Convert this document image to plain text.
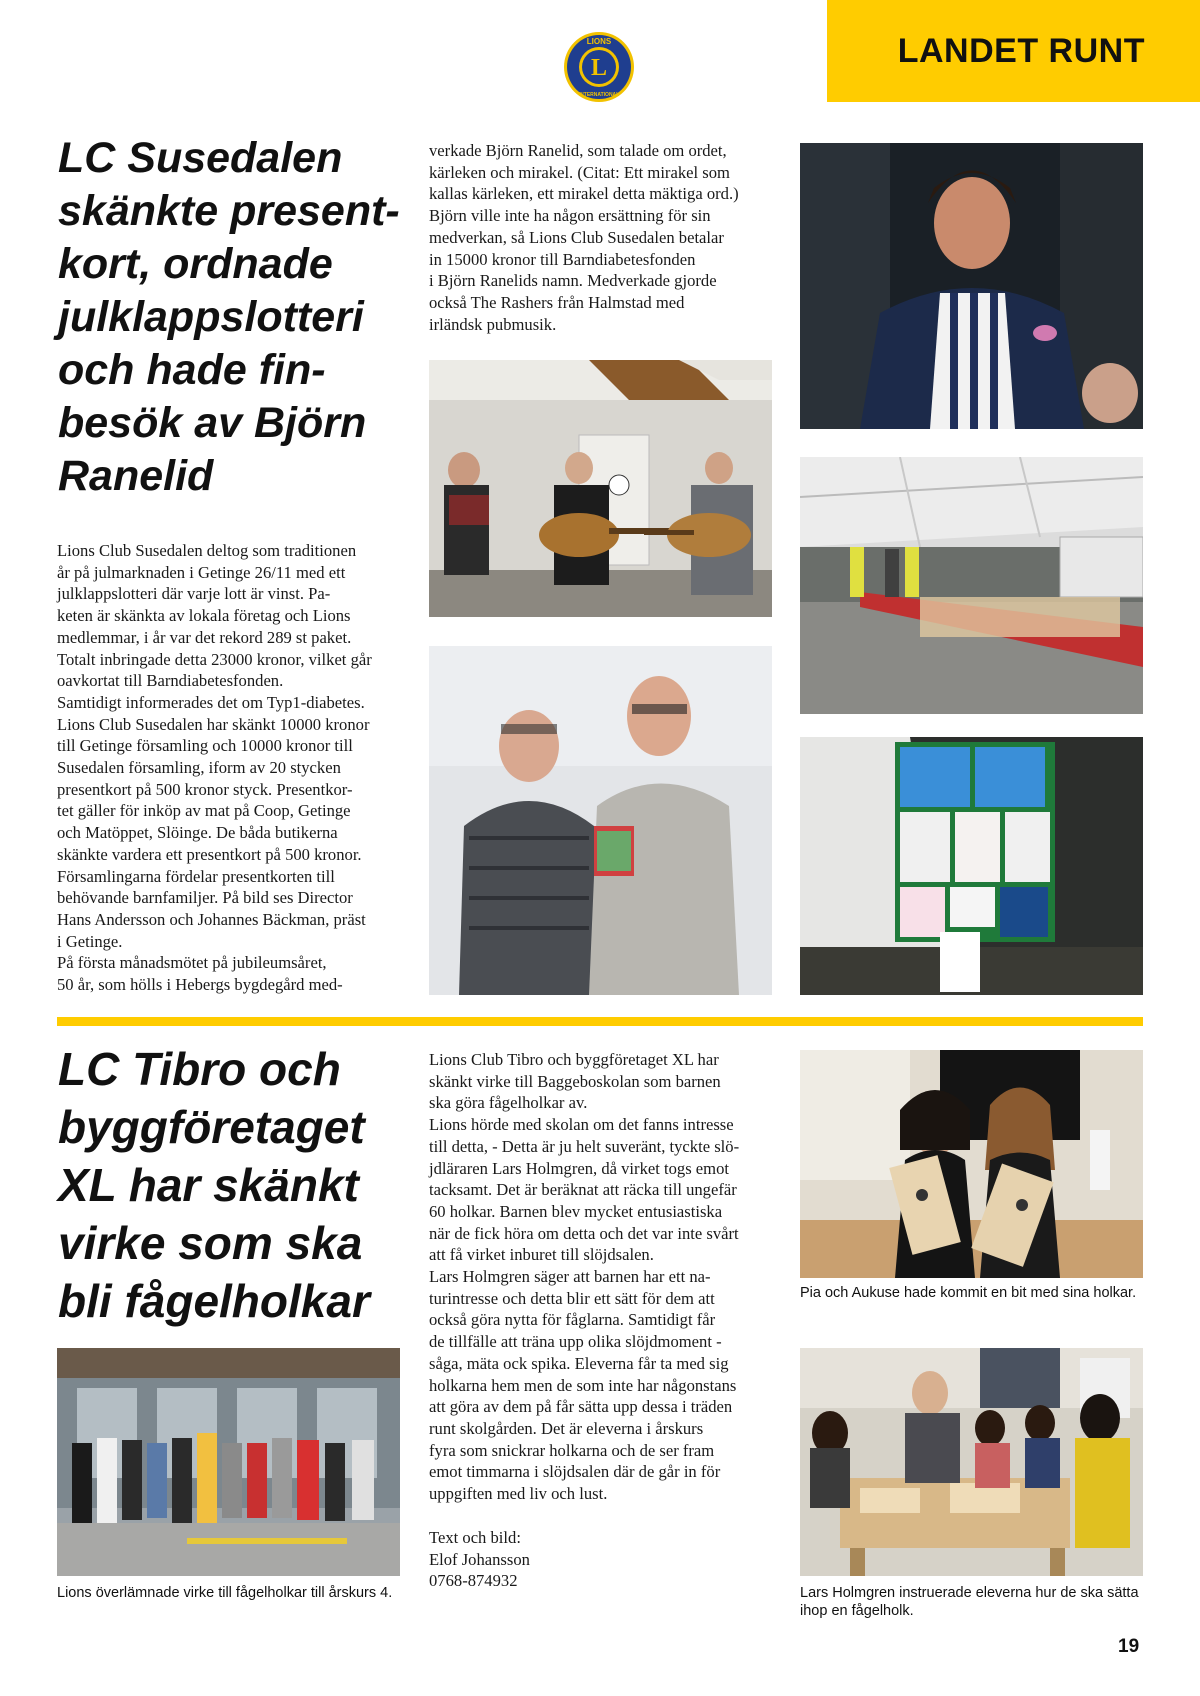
LANDET RUNT
LIONS
INTERNATIONAL
L
LC Susedalen skänkte present-kort, ordnade julklappslotteri och hade fin-besök av Björn Ranelid

Lions Club Susedalen deltog som traditionen
år på julmarknaden i Getinge 26/11 med ett
julklappslotteri där varje lott är vinst. Pa-
keten är skänkta av lokala företag och Lions
medlemmar, i år var det rekord 289 st paket.
Totalt inbringade detta 23000 kronor, vilket går
oavkortat till Barndiabetesfonden.
Samtidigt informerades det om Typ1-diabetes.
Lions Club Susedalen har skänkt 10000 kronor
till Getinge församling och 10000 kronor till
Susedalen församling, iform av 20 stycken
presentkort på 500 kronor styck. Presentkor-
tet gäller för inköp av mat på Coop, Getinge
och Matöppet, Slöinge. De båda butikerna
skänkte vardera ett presentkort på 500 kronor.
Församlingarna fördelar presentkorten till
behövande barnfamiljer. På bild ses Director
Hans Andersson och Johannes Bäckman, präst
i Getinge.
På första månadsmötet på jubileumsåret,
50 år, som hölls i Hebergs bygdegård med-

verkade Björn Ranelid, som talade om ordet,
kärleken och mirakel. (Citat: Ett mirakel som
kallas kärleken, ett mirakel detta mäktiga ord.)
Björn ville inte ha någon ersättning för sin
medverkan, så Lions Club Susedalen betalar
in 15000 kronor till Barndiabetesfonden
i Björn Ranelids namn. Medverkade gjorde
också The Rashers från Halmstad med
irländsk pubmusik.

LC Tibro och byggföretaget XL har skänkt virke som ska bli fågelholkar

Lions Club Tibro och byggföretaget XL har
skänkt virke till Baggeboskolan som barnen
ska göra fågelholkar av.
Lions hörde med skolan om det fanns intresse
till detta, - Detta är ju helt suveränt, tyckte slö-
jdläraren Lars Holmgren, då virket togs emot
tacksamt. Det är beräknat att räcka till ungefär
60 holkar. Barnen blev mycket entusiastiska
när de fick höra om detta och det var inte svårt
att få virket inburet till slöjdsalen.
Lars Holmgren säger att barnen har ett na-
turintresse och detta blir ett sätt för dem att
också göra nytta för fåglarna. Samtidigt får
de tillfälle att träna upp olika slöjdmoment -
såga, mäta ock spika. Eleverna får ta med sig
holkarna hem men de som inte har någonstans
att göra av dem på får sätta upp dessa i träden
runt skolgården. Det är eleverna i årskurs
fyra som snickrar holkarna och de ser fram
emot timmarna i slöjdsalen där de går in för
uppgiften med liv och lust.

Text och bild:
Elof Johansson
0768-874932

Lions överlämnade virke till fågelholkar till årskurs 4.

Pia och Aukuse hade kommit en bit med sina holkar.

Lars Holmgren instruerade eleverna hur de ska sätta ihop en fågelholk.

19
